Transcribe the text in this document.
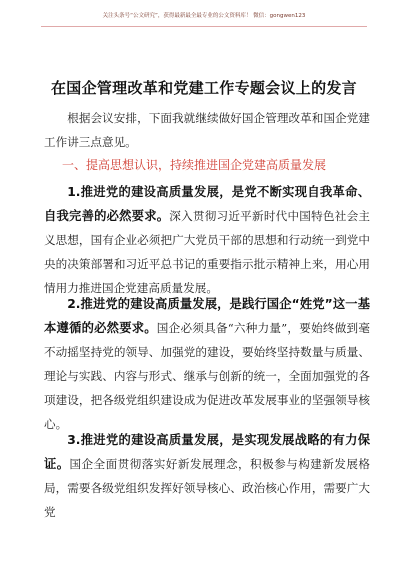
关注头条号“公文研究”，获得最新最全最专业的公文资料库！ 微信：gongwen123
在国企管理改革和党建工作专题会议上的发言
根据会议安排，下面我就继续做好国企管理改革和国企党建工作讲三点意见。
一、提高思想认识，持续推进国企党建高质量发展
1.推进党的建设高质量发展，是党不断实现自我革命、自我完善的必然要求。深入贯彻习近平新时代中国特色社会主义思想，国有企业必须把广大党员干部的思想和行动统一到党中央的决策部署和习近平总书记的重要指示批示精神上来，用心用情用力推进国企党建高质量发展。
2.推进党的建设高质量发展，是践行国企“姓党”这一基本遵循的必然要求。国企必须具备“六种力量”，要始终做到毫不动摇坚持党的领导、加强党的建设，要始终坚持数量与质量、理论与实践、内容与形式、继承与创新的统一，全面加强党的各项建设，把各级党组织建设成为促进改革发展事业的坚强领导核心。
3.推进党的建设高质量发展，是实现发展战略的有力保证。国企全面贯彻落实好新发展理念，积极参与构建新发展格局，需要各级党组织发挥好领导核心、政治核心作用，需要广大党
